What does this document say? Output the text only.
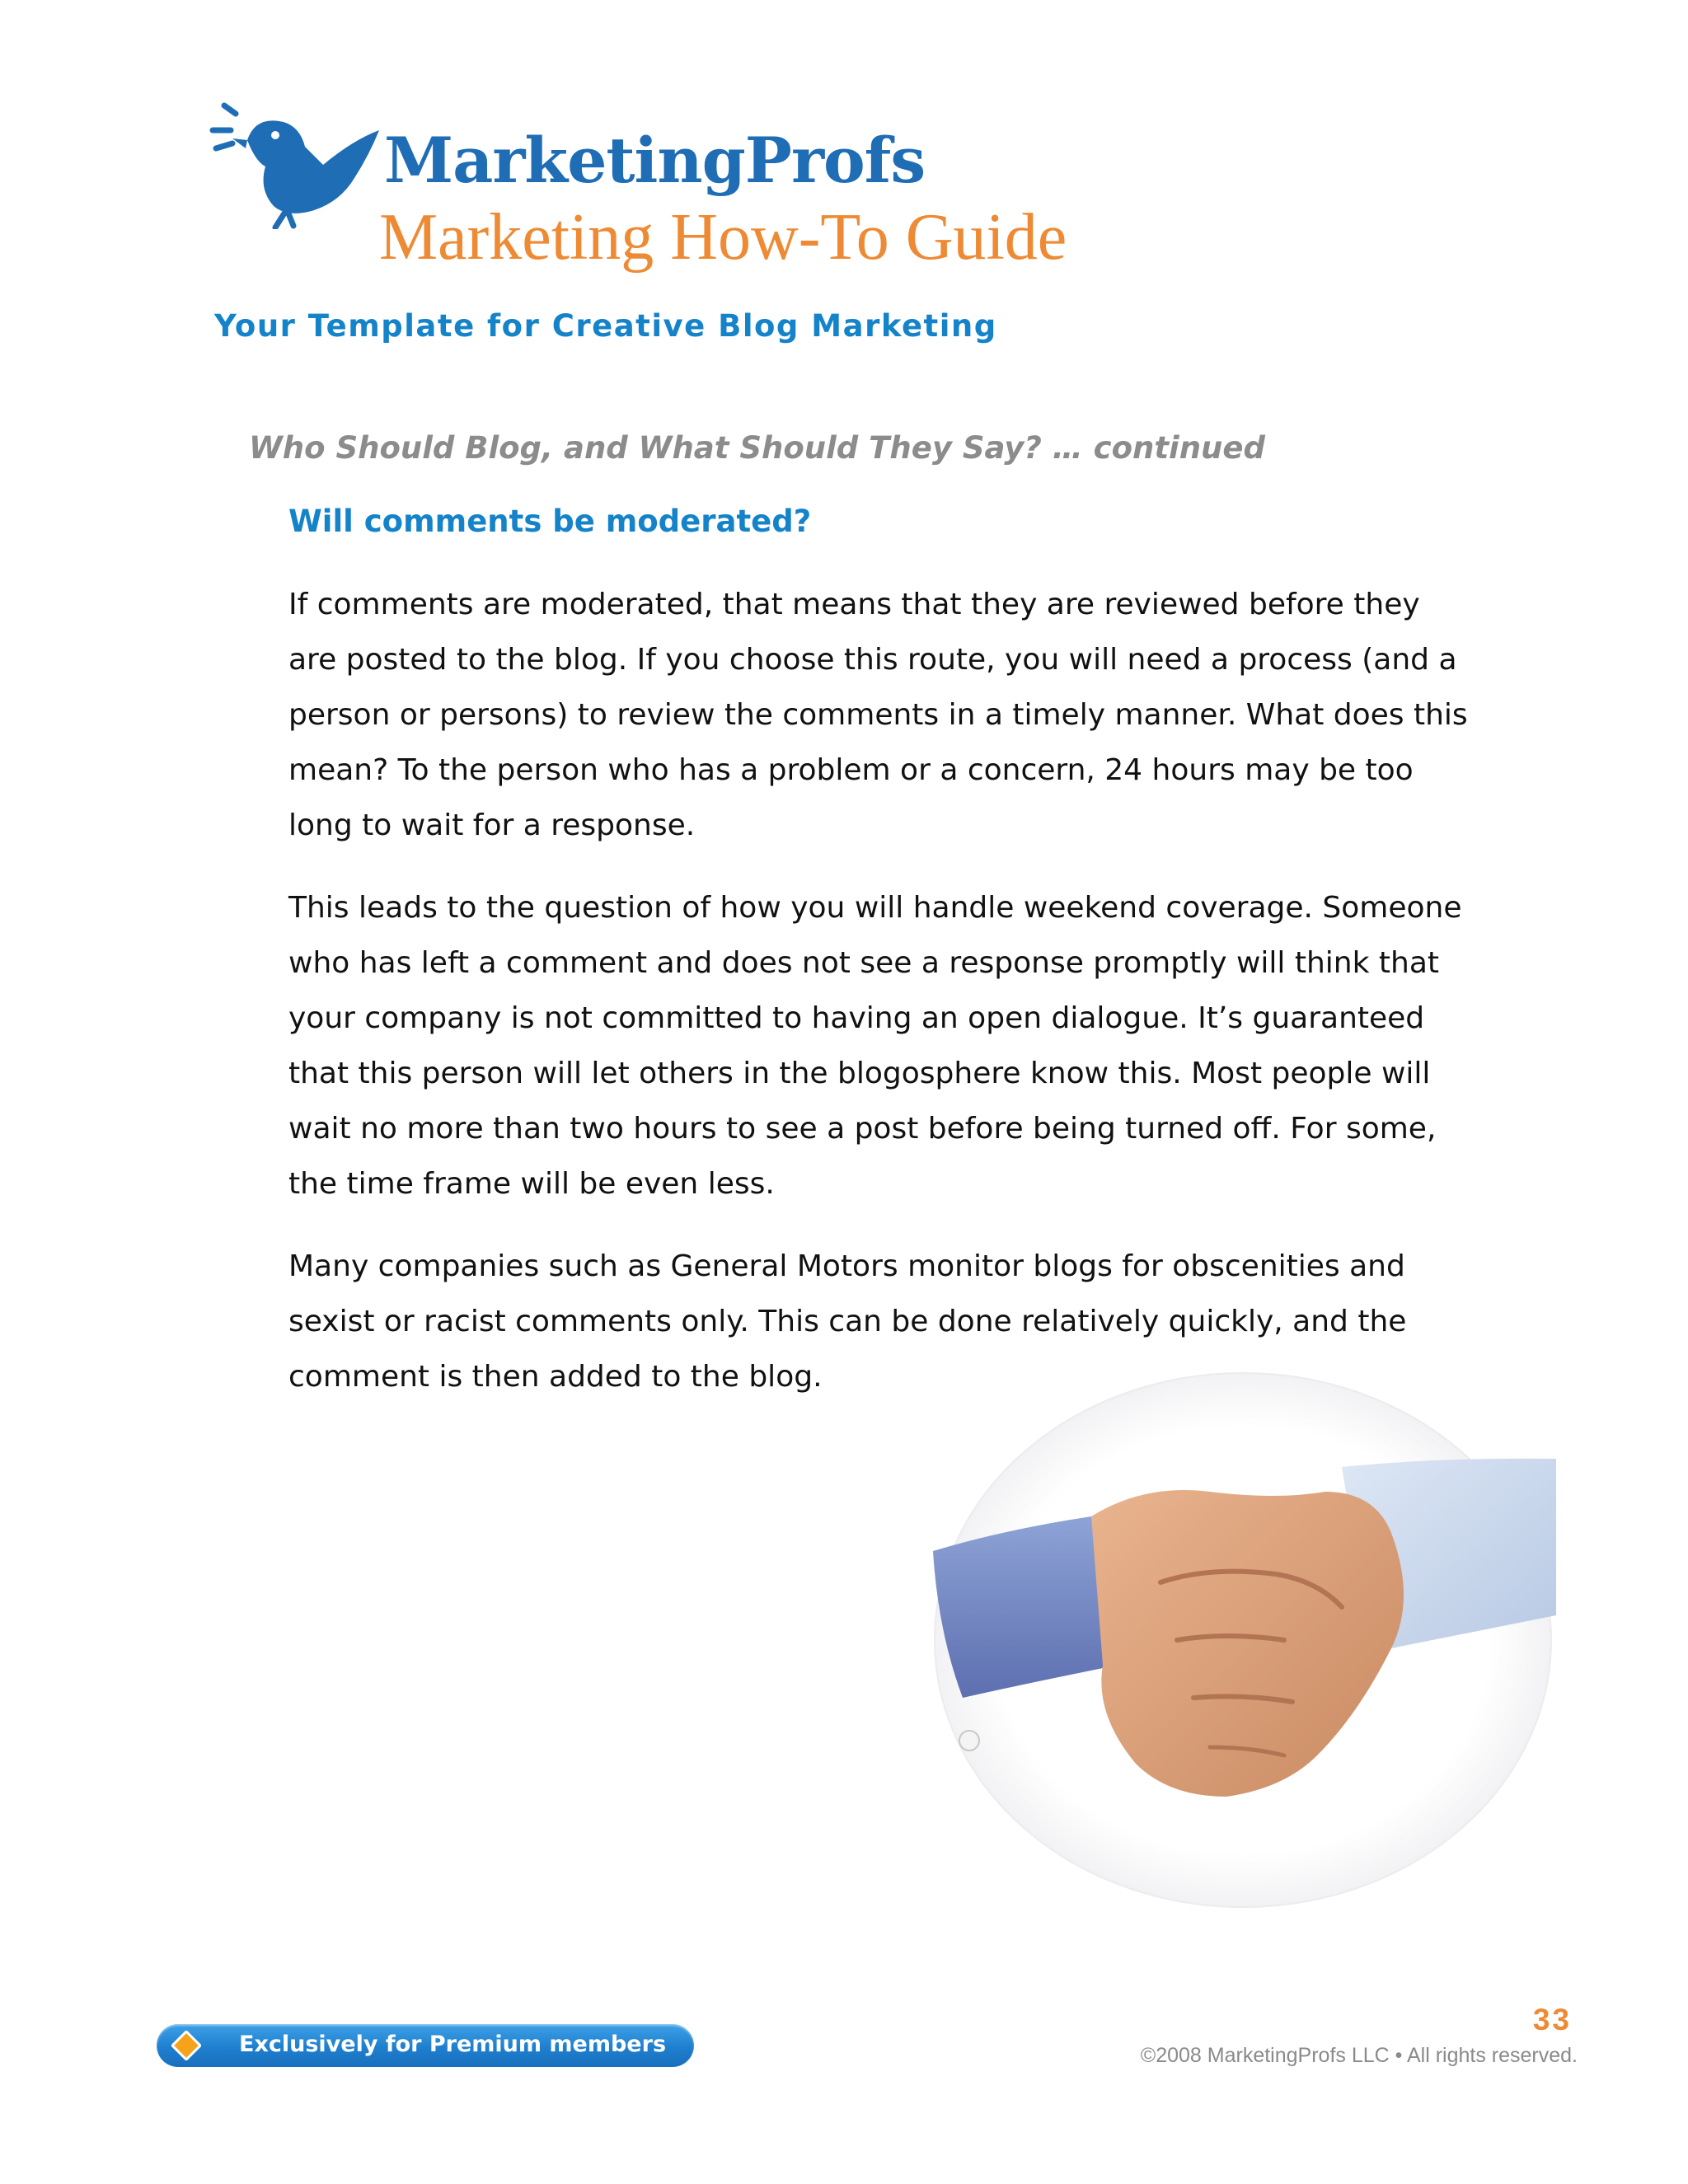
MarketingProfs
Marketing How-To Guide
Your Template for Creative Blog Marketing
Who Should Blog, and What Should They Say? … continued
Will comments be moderated?

If comments are moderated, that means that they are reviewed before they are posted to the blog. If you choose this route, you will need a process (and a person or persons) to review the comments in a timely manner. What does this mean? To the person who has a problem or a concern, 24 hours may be too long to wait for a response.

This leads to the question of how you will handle weekend coverage. Someone who has left a comment and does not see a response promptly will think that your company is not committed to having an open dialogue. It’s guaranteed that this person will let others in the blogosphere know this. Most people will wait no more than two hours to see a post before being turned off. For some, the time frame will be even less.

Many companies such as General Motors monitor blogs for obscenities and sexist or racist comments only. This can be done relatively quickly, and the comment is then added to the blog.

Exclusively for Premium members
33
©2008 MarketingProfs LLC • All rights reserved.
